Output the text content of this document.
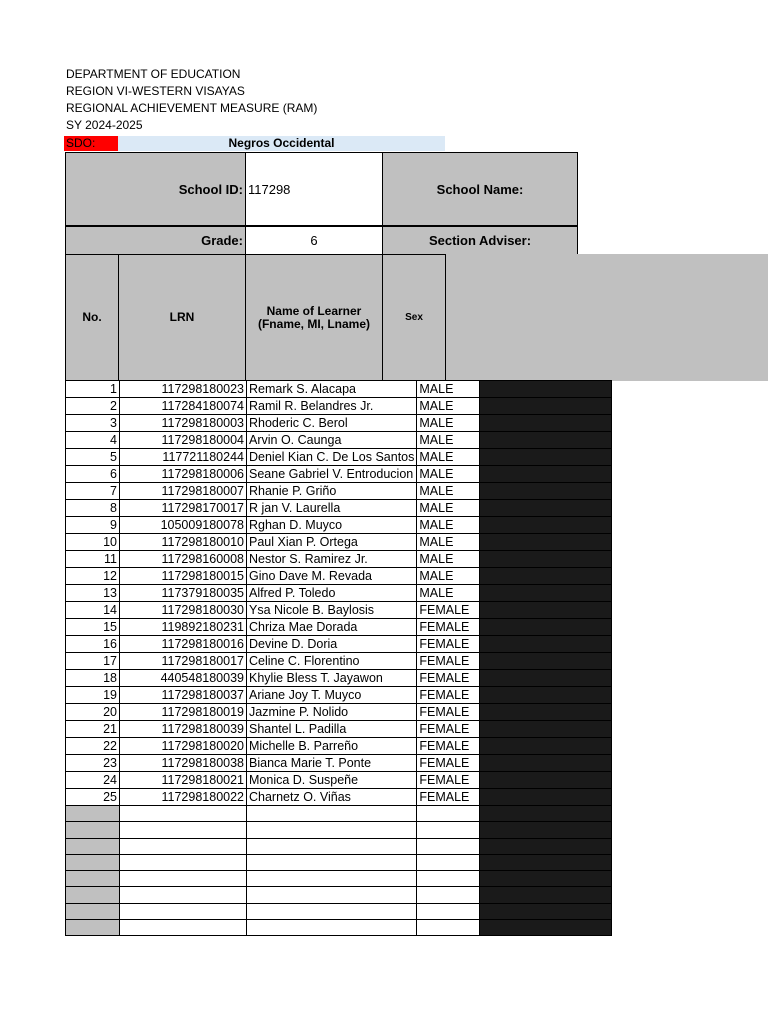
DEPARTMENT OF EDUCATION
REGION VI-WESTERN VISAYAS
REGIONAL ACHIEVEMENT MEASURE (RAM)
SY 2024-2025
SDO:	Negros Occidental
School ID: 117298	School Name:
Grade:	6	Section Adviser:
No.	LRN	Name of Learner (Fname, MI, Lname)	Sex
1	117298180023	Remark S. Alacapa	MALE	
2	117284180074	Ramil R. Belandres Jr.	MALE	
3	117298180003	Rhoderic C. Berol	MALE	
4	117298180004	Arvin O. Caunga	MALE	
5	117721180244	Deniel Kian C. De Los Santos	MALE	
6	117298180006	Seane Gabriel V. Entroducion	MALE	
7	117298180007	Rhanie P. Griño	MALE	
8	117298170017	R jan V. Laurella	MALE	
9	105009180078	Rghan D. Muyco	MALE	
10	117298180010	Paul Xian P. Ortega	MALE	
11	117298160008	Nestor S. Ramirez Jr.	MALE	
12	117298180015	Gino Dave M. Revada	MALE	
13	117379180035	Alfred P. Toledo	MALE	
14	117298180030	Ysa Nicole B. Baylosis	FEMALE	
15	119892180231	Chriza Mae Dorada	FEMALE	
16	117298180016	Devine D. Doria	FEMALE	
17	117298180017	Celine C. Florentino	FEMALE	
18	440548180039	Khylie Bless T. Jayawon	FEMALE	
19	117298180037	Ariane Joy T. Muyco	FEMALE	
20	117298180019	Jazmine P. Nolido	FEMALE	
21	117298180039	Shantel L. Padilla	FEMALE	
22	117298180020	Michelle B. Parreño	FEMALE	
23	117298180038	Bianca Marie T. Ponte	FEMALE	
24	117298180021	Monica D. Suspeñe	FEMALE	
25	117298180022	Charnetz O. Viñas	FEMALE	
